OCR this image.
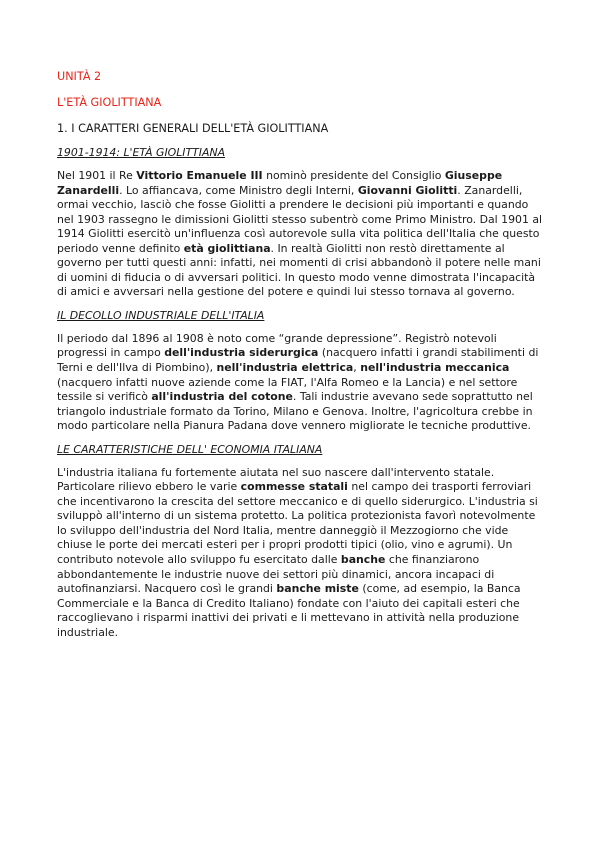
UNITÀ 2
L'ETÀ GIOLITTIANA
1. I CARATTERI GENERALI DELL'ETÀ GIOLITTIANA
1901-1914: L'ETÀ GIOLITTIANA

Nel 1901 il Re Vittorio Emanuele III nominò presidente del Consiglio Giuseppe Zanardelli. Lo affiancava, come Ministro degli Interni, Giovanni Giolitti. Zanardelli, ormai vecchio, lasciò che fosse Giolitti a prendere le decisioni più importanti e quando nel 1903 rassegno le dimissioni Giolitti stesso subentrò come Primo Ministro. Dal 1901 al 1914 Giolitti esercitò un'influenza così autorevole sulla vita politica dell'Italia che questo periodo venne definito età giolittiana. In realtà Giolitti non restò direttamente al governo per tutti questi anni: infatti, nei momenti di crisi abbandonò il potere nelle mani di uomini di fiducia o di avversari politici. In questo modo venne dimostrata l'incapacità di amici e avversari nella gestione del potere e quindi lui stesso tornava al governo.

IL DECOLLO INDUSTRIALE DELL'ITALIA

Il periodo dal 1896 al 1908 è noto come “grande depressione”. Registrò notevoli progressi in campo dell'industria siderurgica (nacquero infatti i grandi stabilimenti di Terni e dell'Ilva di Piombino), nell'industria elettrica, nell'industria meccanica (nacquero infatti nuove aziende come la FIAT, l'Alfa Romeo e la Lancia) e nel settore tessile si verificò all'industria del cotone. Tali industrie avevano sede soprattutto nel triangolo industriale formato da Torino, Milano e Genova. Inoltre, l'agricoltura crebbe in modo particolare nella Pianura Padana dove vennero migliorate le tecniche produttive.

LE CARATTERISTICHE DELL' ECONOMIA ITALIANA

L'industria italiana fu fortemente aiutata nel suo nascere dall'intervento statale. Particolare rilievo ebbero le varie commesse statali nel campo dei trasporti ferroviari che incentivarono la crescita del settore meccanico e di quello siderurgico. L'industria si sviluppò all'interno di un sistema protetto. La politica protezionista favorì notevolmente lo sviluppo dell'industria del Nord Italia, mentre danneggiò il Mezzogiorno che vide chiuse le porte dei mercati esteri per i propri prodotti tipici (olio, vino e agrumi). Un contributo notevole allo sviluppo fu esercitato dalle banche che finanziarono abbondantemente le industrie nuove dei settori più dinamici, ancora incapaci di autofinanziarsi. Nacquero così le grandi banche miste (come, ad esempio, la Banca Commerciale e la Banca di Credito Italiano) fondate con l'aiuto dei capitali esteri che raccoglievano i risparmi inattivi dei privati e li mettevano in attività nella produzione industriale.
